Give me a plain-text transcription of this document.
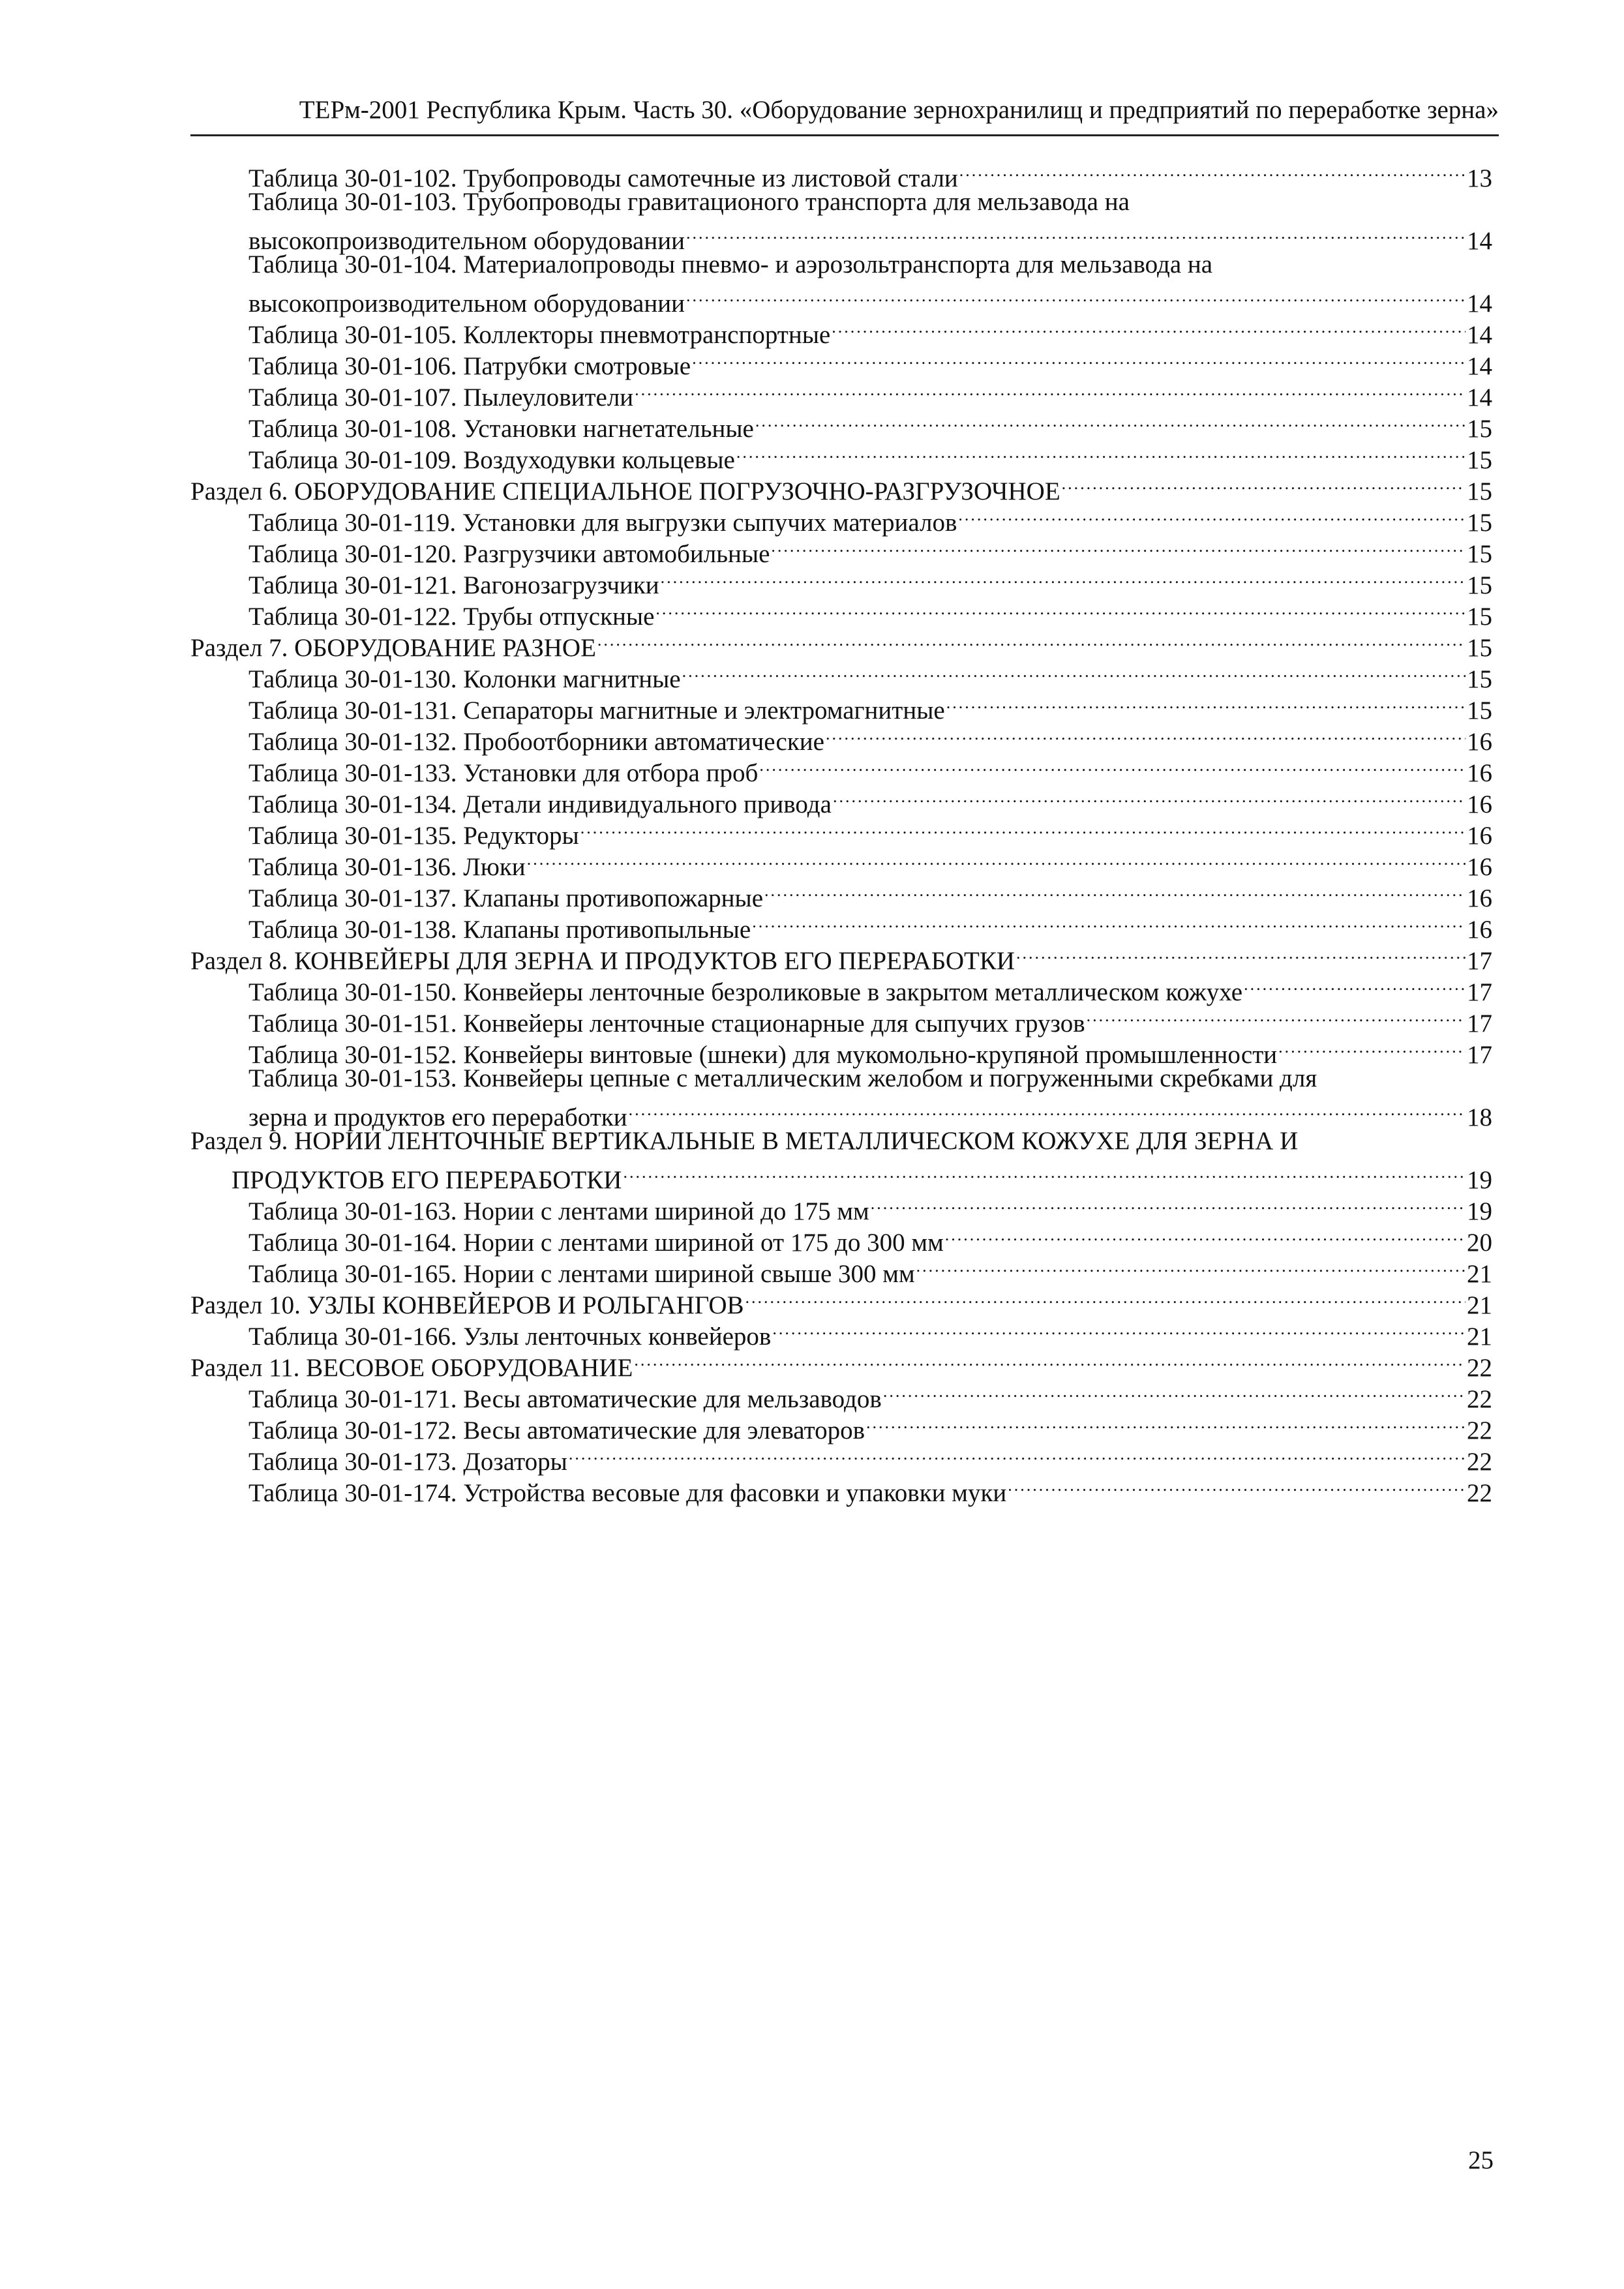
ТЕРм-2001 Республика Крым. Часть 30. «Оборудование зернохранилищ и предприятий по переработке зерна»
Таблица 30-01-102. Трубопроводы самотечные из листовой стали .....	13
Таблица 30-01-103. Трубопроводы гравитационого транспорта для мельзавода на
высокопроизводительном оборудовании .....	14
Таблица 30-01-104. Материалопроводы пневмо- и аэрозольтранспорта для мельзавода на
высокопроизводительном оборудовании .....	14
Таблица 30-01-105. Коллекторы пневмотранспортные .....	14
Таблица 30-01-106. Патрубки смотровые .....	14
Таблица 30-01-107. Пылеуловители .....	14
Таблица 30-01-108. Установки нагнетательные .....	15
Таблица 30-01-109. Воздуходувки кольцевые .....	15
Раздел 6. ОБОРУДОВАНИЕ СПЕЦИАЛЬНОЕ ПОГРУЗОЧНО-РАЗГРУЗОЧНОЕ .....	15
Таблица 30-01-119. Установки для выгрузки сыпучих материалов .....	15
Таблица 30-01-120. Разгрузчики автомобильные .....	15
Таблица 30-01-121. Вагонозагрузчики .....	15
Таблица 30-01-122. Трубы отпускные .....	15
Раздел 7. ОБОРУДОВАНИЕ РАЗНОЕ .....	15
Таблица 30-01-130. Колонки магнитные .....	15
Таблица 30-01-131. Сепараторы магнитные и электромагнитные .....	15
Таблица 30-01-132. Пробоотборники автоматические .....	16
Таблица 30-01-133. Установки для отбора проб .....	16
Таблица 30-01-134. Детали индивидуального привода .....	16
Таблица 30-01-135. Редукторы .....	16
Таблица 30-01-136. Люки .....	16
Таблица 30-01-137. Клапаны противопожарные .....	16
Таблица 30-01-138. Клапаны противопыльные .....	16
Раздел 8. КОНВЕЙЕРЫ ДЛЯ ЗЕРНА И ПРОДУКТОВ ЕГО ПЕРЕРАБОТКИ .....	17
Таблица 30-01-150. Конвейеры ленточные безроликовые в закрытом металлическом кожухе .....	17
Таблица 30-01-151. Конвейеры ленточные стационарные для сыпучих грузов .....	17
Таблица 30-01-152. Конвейеры винтовые (шнеки) для мукомольно-крупяной промышленности .....	17
Таблица 30-01-153. Конвейеры цепные с металлическим желобом и погруженными скребками для
зерна и продуктов его переработки .....	18
Раздел 9. НОРИИ ЛЕНТОЧНЫЕ ВЕРТИКАЛЬНЫЕ В МЕТАЛЛИЧЕСКОМ КОЖУХЕ ДЛЯ ЗЕРНА И
ПРОДУКТОВ ЕГО ПЕРЕРАБОТКИ .....	19
Таблица 30-01-163. Нории с лентами шириной до 175 мм .....	19
Таблица 30-01-164. Нории с лентами шириной от 175 до 300 мм .....	20
Таблица 30-01-165. Нории с лентами шириной свыше 300 мм .....	21
Раздел 10. УЗЛЫ КОНВЕЙЕРОВ И РОЛЬГАНГОВ .....	21
Таблица 30-01-166. Узлы ленточных конвейеров .....	21
Раздел 11. ВЕСОВОЕ ОБОРУДОВАНИЕ .....	22
Таблица 30-01-171. Весы автоматические для мельзаводов .....	22
Таблица 30-01-172. Весы автоматические для элеваторов .....	22
Таблица 30-01-173. Дозаторы .....	22
Таблица 30-01-174. Устройства весовые для фасовки и упаковки муки .....	22
25
